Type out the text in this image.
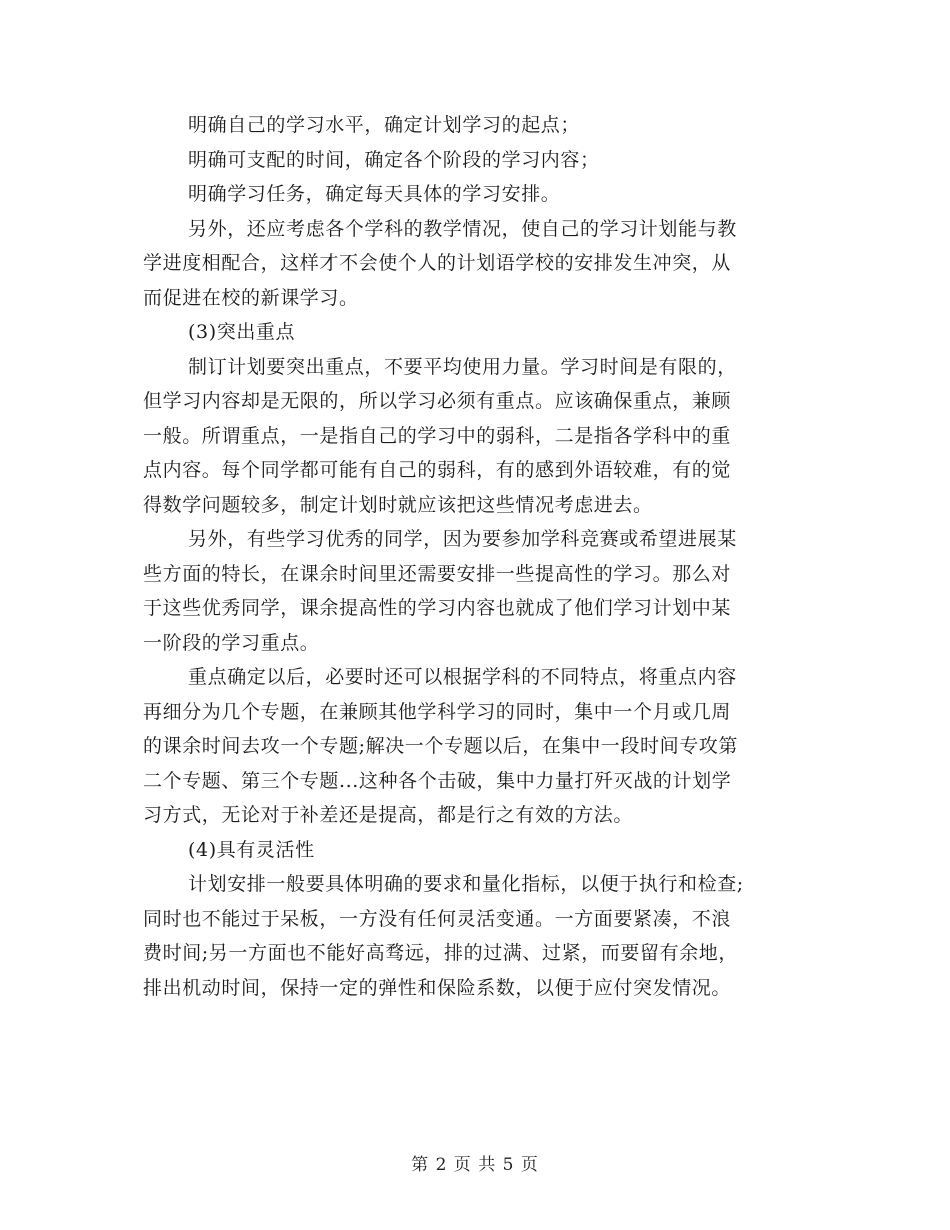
明确自己的学习水平，确定计划学习的起点；
明确可支配的时间，确定各个阶段的学习内容；
明确学习任务，确定每天具体的学习安排。
另外，还应考虑各个学科的教学情况，使自己的学习计划能与教
学进度相配合，这样才不会使个人的计划语学校的安排发生冲突，从
而促进在校的新课学习。
(3)突出重点
制订计划要突出重点，不要平均使用力量。学习时间是有限的，
但学习内容却是无限的，所以学习必须有重点。应该确保重点，兼顾
一般。所谓重点，一是指自己的学习中的弱科，二是指各学科中的重
点内容。每个同学都可能有自己的弱科，有的感到外语较难，有的觉
得数学问题较多，制定计划时就应该把这些情况考虑进去。
另外，有些学习优秀的同学，因为要参加学科竞赛或希望进展某
些方面的特长，在课余时间里还需要安排一些提高性的学习。那么对
于这些优秀同学，课余提高性的学习内容也就成了他们学习计划中某
一阶段的学习重点。
重点确定以后，必要时还可以根据学科的不同特点，将重点内容
再细分为几个专题，在兼顾其他学科学习的同时，集中一个月或几周
的课余时间去攻一个专题;解决一个专题以后，在集中一段时间专攻第
二个专题、第三个专题...这种各个击破，集中力量打歼灭战的计划学
习方式，无论对于补差还是提高，都是行之有效的方法。
(4)具有灵活性
计划安排一般要具体明确的要求和量化指标，以便于执行和检查;
同时也不能过于呆板，一方没有任何灵活变通。一方面要紧凑，不浪
费时间;另一方面也不能好高骛远，排的过满、过紧，而要留有余地，
排出机动时间，保持一定的弹性和保险系数，以便于应付突发情况。
第 2 页 共 5 页
